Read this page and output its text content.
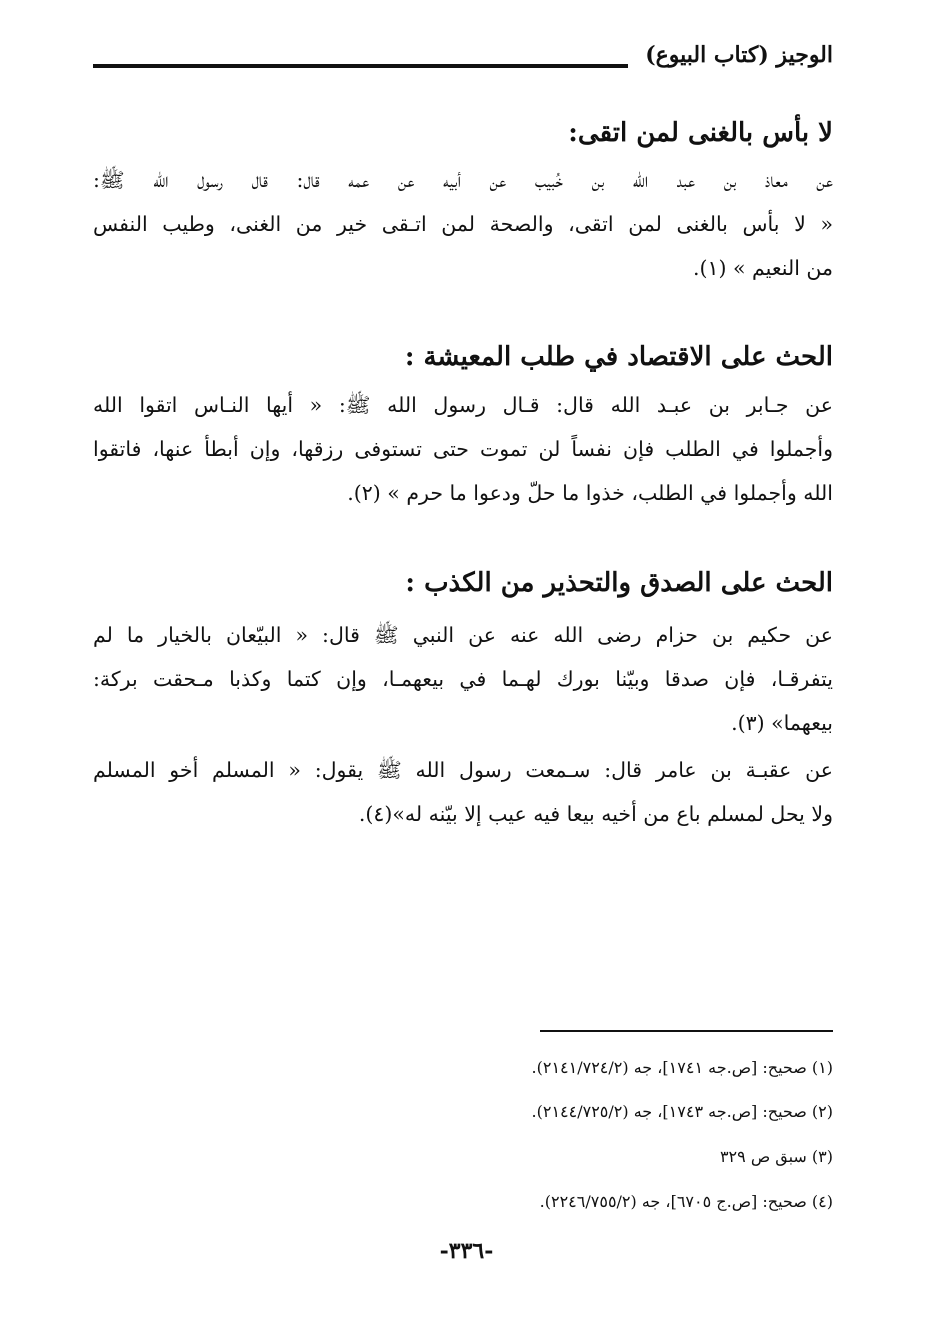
الوجيز (كتاب البيوع)
لا بأس بالغنى لمن اتقى:
عن معاذ بن عبد الله بن خُبيب عن أبيه عن عمه قال: قال رسول الله ﷺ:
« لا بأس بالغنى لمن اتقى، والصحة لمن اتـقى خير من الغنى، وطيب النفس
من النعيم » (١).
الحث على الاقتصاد في طلب المعيشة :
عن جـابر بن عبـد الله قال: قـال رسول الله ﷺ: « أيها النـاس اتقوا الله
وأجملوا في الطلب فإن نفساً لن تموت حتى تستوفى رزقها، وإن أبطأ عنها، فاتقوا
الله وأجملوا في الطلب، خذوا ما حلّ ودعوا ما حرم » (٢).
الحث على الصدق والتحذير من الكذب :
عن حكيم بن حزام رضى الله عنه عن النبي ﷺ قال: « البيّعان بالخيار ما لم
يتفرقـا، فإن صدقا وبيّنا بورك لهـما في بيعهمـا، وإن كتما وكذبا مـحقت بركة:
بيعهما» (٣).
عن عقبـة بن عامر قال: سـمعت رسول الله ﷺ يقول: « المسلم أخو المسلم
ولا يحل لمسلم باع من أخيه بيعا فيه عيب إلا بيّنه له»(٤).
(١) صحيح: [ص.جه ١٧٤١]، جه (٢١٤١/٧٢٤/٢).
(٢) صحيح: [ص.جه ١٧٤٣]، جه (٢١٤٤/٧٢٥/٢).
(٣) سبق ص ٣٢٩
(٤) صحيح: [ص.ج ٦٧٠٥]، جه (٢٢٤٦/٧٥٥/٢).
-٣٣٦-
